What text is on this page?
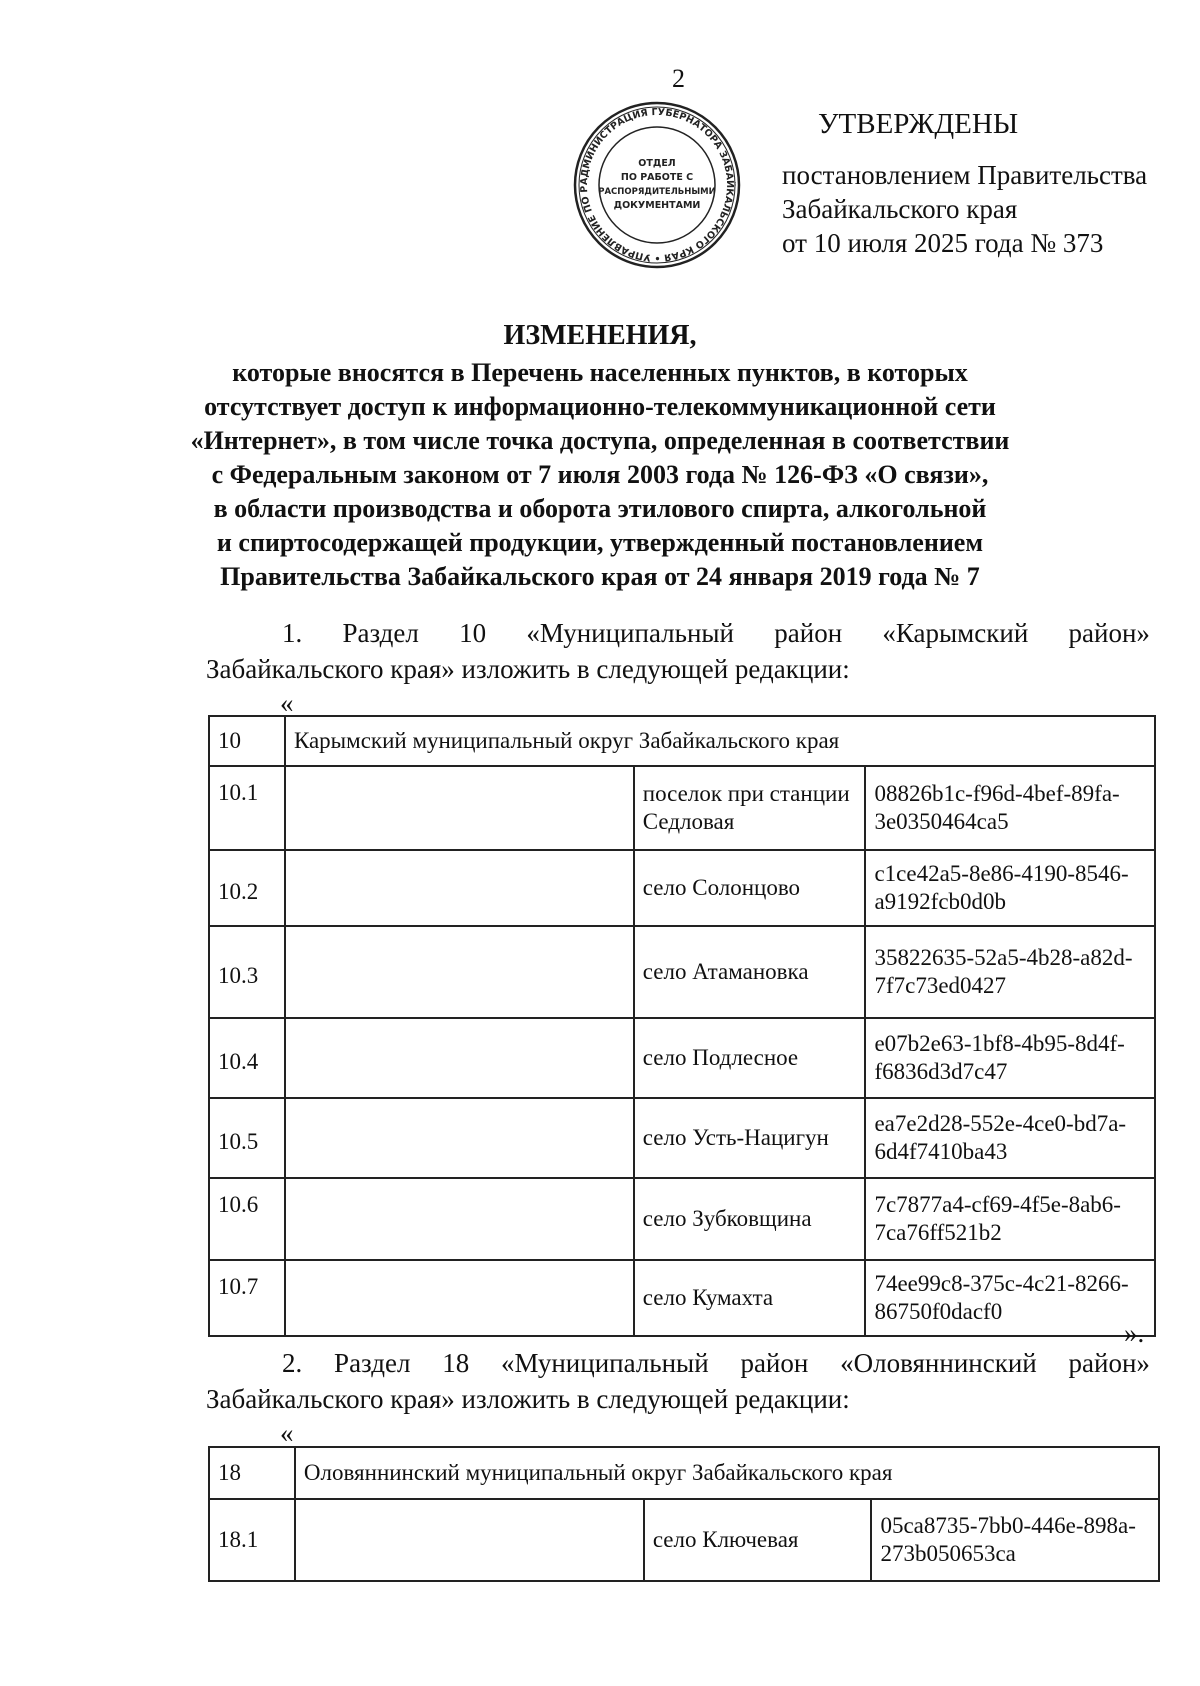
2
АДМИНИСТРАЦИЯ ГУБЕРНАТОРА ЗАБАЙКАЛЬСКОГО КРАЯ • УПРАВЛЕНИЕ ПО Р
ОТДЕЛ
ПО РАБОТЕ С
РАСПОРЯДИТЕЛЬНЫМИ
ДОКУМЕНТАМИ
УТВЕРЖДЕНЫ
постановлением Правительства
Забайкальского края
от 10 июля 2025 года № 373
ИЗМЕНЕНИЯ,
которые вносятся в Перечень населенных пунктов, в которых
отсутствует доступ к информационно-телекоммуникационной сети
«Интернет», в том числе точка доступа, определенная в соответствии
с Федеральным законом от 7 июля 2003 года № 126-ФЗ «О связи»,
в области производства и оборота этилового спирта, алкогольной
и спиртосодержащей продукции, утвержденный постановлением
Правительства Забайкальского края от 24 января 2019 года № 7
1. Раздел 10 «Муниципальный район «Карымский район»
Забайкальского края» изложить в следующей редакции:
«
10	Карымский муниципальный округ Забайкальского края		
10.1		поселок при станции Седловая	08826b1c-f96d-4bef-89fa-3e0350464ca5
10.2		село Солонцово	c1ce42a5-8e86-4190-8546-a9192fcb0d0b
10.3		село Атамановка	35822635-52a5-4b28-a82d-7f7c73ed0427
10.4		село Подлесное	e07b2e63-1bf8-4b95-8d4f-f6836d3d7c47
10.5		село Усть-Нацигун	ea7e2d28-552e-4ce0-bd7a-6d4f7410ba43
10.6		село Зубковщина	7c7877a4-cf69-4f5e-8ab6-7ca76ff521b2
10.7		село Кумахта	74ee99c8-375c-4c21-8266-86750f0dacf0
».
2. Раздел 18 «Муниципальный район «Оловяннинский район»
Забайкальского края» изложить в следующей редакции:
«
18	Оловяннинский муниципальный округ Забайкальского края		
18.1		село Ключевая	05ca8735-7bb0-446e-898a-273b050653ca
